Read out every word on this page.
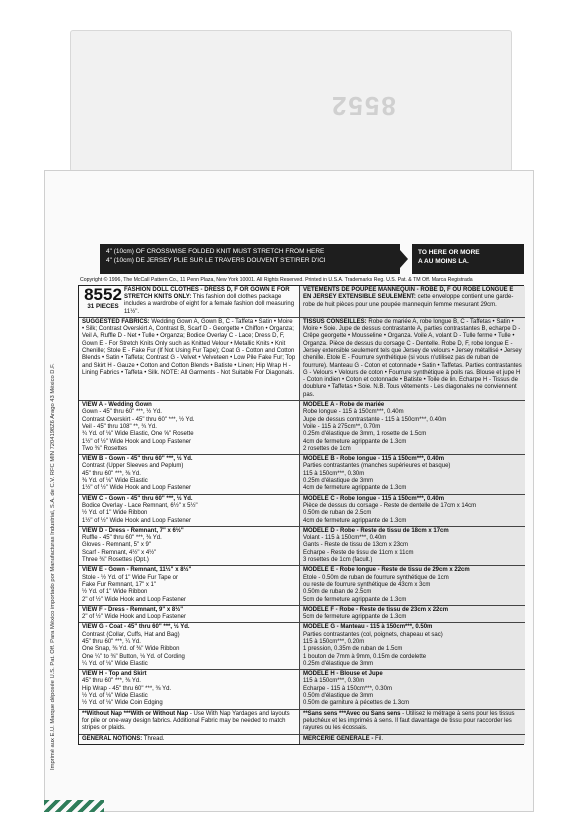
8552
Imprimé aux E.U. Marque déposée U.S. Pat. Off. Para México importado por Manufacturas Industrial, S.A. de C.V. RFC MIN 7204198Z6 Arago 43 México D.F.
4" (10cm) OF CROSSWISE FOLDED KNIT MUST STRETCH FROM HERE
4" (10cm) DE JERSEY PLIE SUR LE TRAVERS DOUVENT S'ETIRER D'ICI
TO HERE OR MORE
A AU MOINS LA.
Copyright © 1996, The McCall Pattern Co., 11 Penn Plaza, New York 10001. All Rights Reserved. Printed in U.S.A. Trademarks Reg. U.S. Pat. & TM Off. Marca Registrada
8552
31 PIECES
FASHION DOLL CLOTHES - DRESS D, F OR GOWN E FOR STRETCH KNITS ONLY: This fashion doll clothes package includes a wardrobe of eight for a female fashion doll measuring 11½".
VETEMENTS DE POUPEE MANNEQUIN - ROBE D, F OU ROBE LONGUE E EN JERSEY EXTENSIBLE SEULEMENT: cette enveloppe contient une garde-robe de huit pièces pour une poupée mannequin femme mesurant 29cm.
SUGGESTED FABRICS: Wedding Gown A, Gown B, C - Taffeta • Satin • Moire • Silk; Contrast Overskirt A, Contrast B, Scarf D - Georgette • Chiffon • Organza; Veil A, Ruffle D - Net • Tulle • Organza; Bodice Overlay C - Lace; Dress D, F, Gown E - For Stretch Knits Only such as Knitted Velour • Metallic Knits • Knit Chenille; Stole E - Fake Fur (If Not Using Fur Tape); Coat G - Cotton and Cotton Blends • Satin • Taffeta; Contrast G - Velvet • Velveteen • Low Pile Fake Fur; Top and Skirt H - Gauze • Cotton and Cotton Blends • Batiste • Linen; Hip Wrap H - Lining Fabrics • Taffeta • Silk. NOTE: All Garments - Not Suitable For Diagonals.
TISSUS CONSEILLES: Robe de mariée A, robe longue B, C - Taffetas • Satin • Moire • Soie. Jupe de dessus contrastante A, parties contrastantes B, echarpe D - Crêpe georgette • Mousseline • Organza. Voile A, volant D - Tulle ferme • Tulle • Organza. Pièce de dessus du corsage C - Dentelle. Robe D, F, robe longue E - Jersey extensible seulement tels que Jersey de velours • Jersey métallisé • Jersey chenille. Etole E - Fourrure synthétique (si vous n'utilisez pas de ruban de fourrure). Manteau G - Coton et cotonnade • Satin • Taffetas. Parties contrastantes G - Velours • Velours de coton • Fourrure synthétique à poils ras. Blouse et jupe H - Coton indien • Coton et cotonnade • Batiste • Toile de lin. Echarpe H - Tissus de doublure • Taffetas • Soie. N.B. Tous vêtements - Les diagonales ne conviennent pas.
VIEW A - Wedding Gown
Gown - 45" thru 60" ***, ½ Yd.
Contrast Overskirt - 45" thru 60" ***, ½ Yd.
Veil - 45" thru 108" **, ¾ Yd.
¾ Yd. of ⅛" Wide Elastic, One ⅝" Rosette
1½" of ½" Wide Hook and Loop Fastener
Two ⅜" Rosettes
MODELE A - Robe de mariée
Robe longue - 115 à 150cm***, 0.40m
Jupe de dessus contrastante - 115 à 150cm***, 0.40m
Voile - 115 à 275cm**, 0.70m
0.25m d'élastique de 3mm, 1 rosette de 1.5cm
4cm de fermeture agrippante de 1.3cm
2 rosettes de 1cm
VIEW B - Gown - 45" thru 60" ***, ½ Yd.
Contrast (Upper Sleeves and Peplum)
45" thru 60" ***, ⅜ Yd.
⅜ Yd. of ⅛" Wide Elastic
1½" of ½" Wide Hook and Loop Fastener
MODELE B - Robe longue - 115 à 150cm***, 0.40m
Parties contrastantes (manches supérieures et basque)
115 à 150cm***, 0.30m
0.25m d'élastique de 3mm
4cm de fermeture agrippante de 1.3cm
VIEW C - Gown - 45" thru 60" ***, ½ Yd.
Bodice Overlay - Lace Remnant, 6½" x 5½"
½ Yd. of 1" Wide Ribbon
1½" of ½" Wide Hook and Loop Fastener
MODELE C - Robe longue - 115 à 150cm***, 0.40m
Pièce de dessus du corsage - Reste de dentelle de 17cm x 14cm
0.50m de ruban de 2.5cm
4cm de fermeture agrippante de 1.3cm
VIEW D - Dress - Remnant, 7" x 6½"
Ruffle - 45" thru 60" ***, ⅜ Yd.
Gloves - Remnant, 5" x 9"
Scarf - Remnant, 4½" x 4½"
Three ⅜" Rosettes (Opt.)
MODELE D - Robe - Reste de tissu de 18cm x 17cm
Volant - 115 à 150cm***, 0.40m
Gants - Reste de tissu de 13cm x 23cm
Echarpe - Reste de tissu de 11cm x 11cm
3 rosettes de 1cm (facult.)
VIEW E - Gown - Remnant, 11½" x 8½"
Stole - ½ Yd. of 1" Wide Fur Tape or
Fake Fur Remnant, 17" x 1"
½ Yd. of 1" Wide Ribbon
2" of ½" Wide Hook and Loop Fastener
MODELE E - Robe longue - Reste de tissu de 29cm x 22cm
Etole - 0.50m de ruban de fourrure synthétique de 1cm
ou reste de fourrure synthétique de 43cm x 3cm
0.50m de ruban de 2.5cm
5cm de fermeture agrippante de 1.3cm
VIEW F - Dress - Remnant, 9" x 8½"
2" of ½" Wide Hook and Loop Fastener
MODELE F - Robe - Reste de tissu de 23cm x 22cm
5cm de fermeture agrippante de 1.3cm
VIEW G - Coat - 45" thru 60" ***, ½ Yd.
Contrast (Collar, Cuffs, Hat and Bag)
45" thru 60" ***, ¼ Yd.
One Snap, ⅜ Yd. of ⅜" Wide Ribbon
One ¼" to ⅜" Button, ⅛ Yd. of Cording
¼ Yd. of ⅛" Wide Elastic
MODELE G - Manteau - 115 à 150cm***, 0.50m
Parties contrastantes (col, poignets, chapeau et sac)
115 à 150cm***, 0.20m
1 pression, 0.35m de ruban de 1.5cm
1 bouton de 7mm à 9mm, 0.15m de cordelette
0.25m d'élastique de 3mm
VIEW H - Top and Skirt
45" thru 60" ***, ⅜ Yd.
Hip Wrap - 45" thru 60" ***, ⅜ Yd.
½ Yd. of ⅛" Wide Elastic
½ Yd. of ⅛" Wide Coin Edging
MODELE H - Blouse et Jupe
115 à 150cm***, 0.30m
Echarpe - 115 à 150cm***, 0.30m
0.50m d'élastique de 3mm
0.50m de garniture à pécettes de 1.3cm
**Without Nap ***With or Without Nap - Use With Nap Yardages and layouts for pile or one-way design fabrics. Additional Fabric may be needed to match stripes or plaids.
**Sans sens ***Avec ou Sans sens - Utilisez le métrage à sens pour les tissus peluchéux et les imprimés à sens. Il faut davantage de tissu pour raccorder les rayures ou les écossais.
GENERAL NOTIONS: Thread.	MERCERIE GENERALE - Fil.
